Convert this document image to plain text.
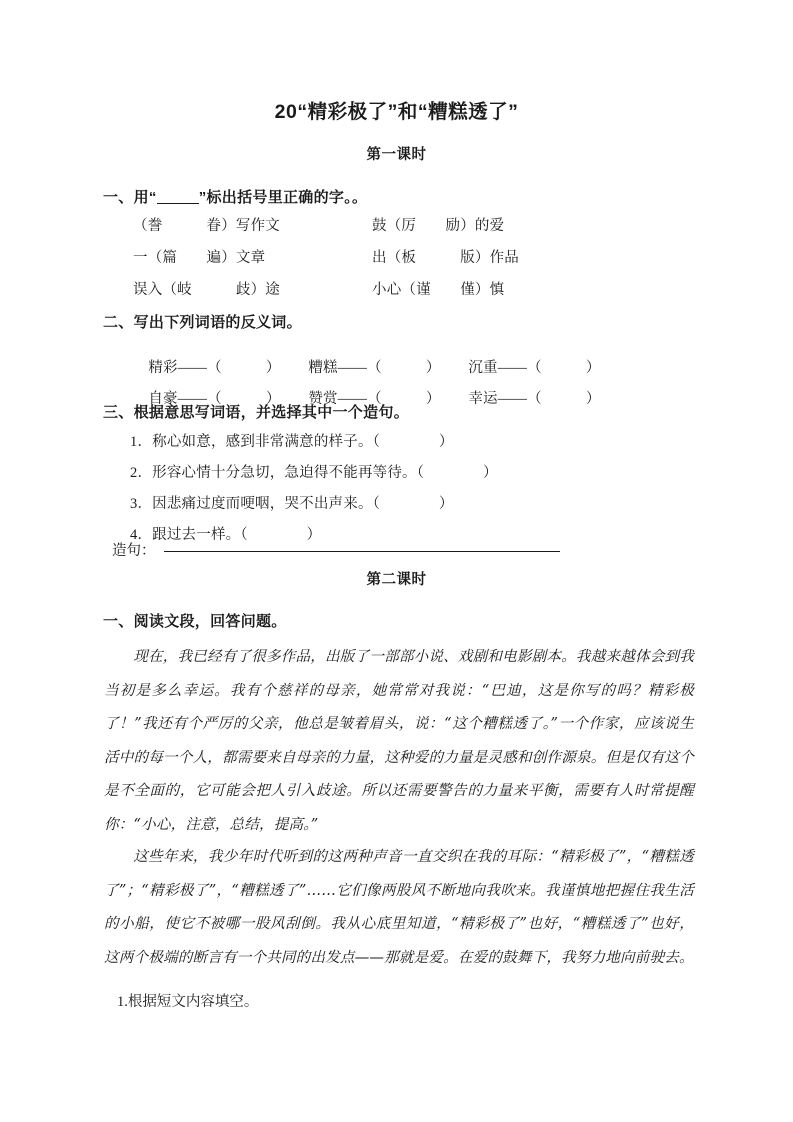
20“精彩极了”和“糟糕透了”
第一课时
一、用“	”标出括号里正确的字。。
（誊　　　眷）写作文	鼓（厉　　励）的爱
一（篇　　遍）文章	出（板　　　版）作品
误入（岐　　　歧）途	小心（谨　　僅）慎
二、写出下列词语的反义词。

精彩——（　　　） 糟糕——（　　　） 沉重——（　　　）

自豪——（　　　） 赞赏——（　　　） 幸运——（　　　）

三、根据意思写词语，并选择其中一个造句。
1．称心如意，感到非常满意的样子。（　　　　）
2．形容心情十分急切，急迫得不能再等待。（　　　　）
3．因悲痛过度而哽咽，哭不出声来。（　　　　）
4．跟过去一样。（　　　　）
造句：
第二课时
一、阅读文段，回答问题。

现在，我已经有了很多作品，出版了一部部小说、戏剧和电影剧本。我越来越体会到我当初是多么幸运。我有个慈祥的母亲，她常常对我说：“巴迪，这是你写的吗？精彩极了！”我还有个严厉的父亲，他总是皱着眉头，说：“这个糟糕透了。”一个作家，应该说生活中的每一个人，都需要来自母亲的力量，这种爱的力量是灵感和创作源泉。但是仅有这个是不全面的，它可能会把人引入歧途。所以还需要警告的力量来平衡，需要有人时常提醒你：“小心，注意，总结，提高。”

这些年来，我少年时代听到的这两种声音一直交织在我的耳际：“精彩极了”，“糟糕透了”；“精彩极了”，“糟糕透了”……它们像两股风不断地向我吹来。我谨慎地把握住我生活的小船，使它不被哪一股风刮倒。我从心底里知道，“精彩极了”也好，“糟糕透了”也好，这两个极端的断言有一个共同的出发点——那就是爱。在爱的鼓舞下，我努力地向前驶去。

1.根据短文内容填空。
